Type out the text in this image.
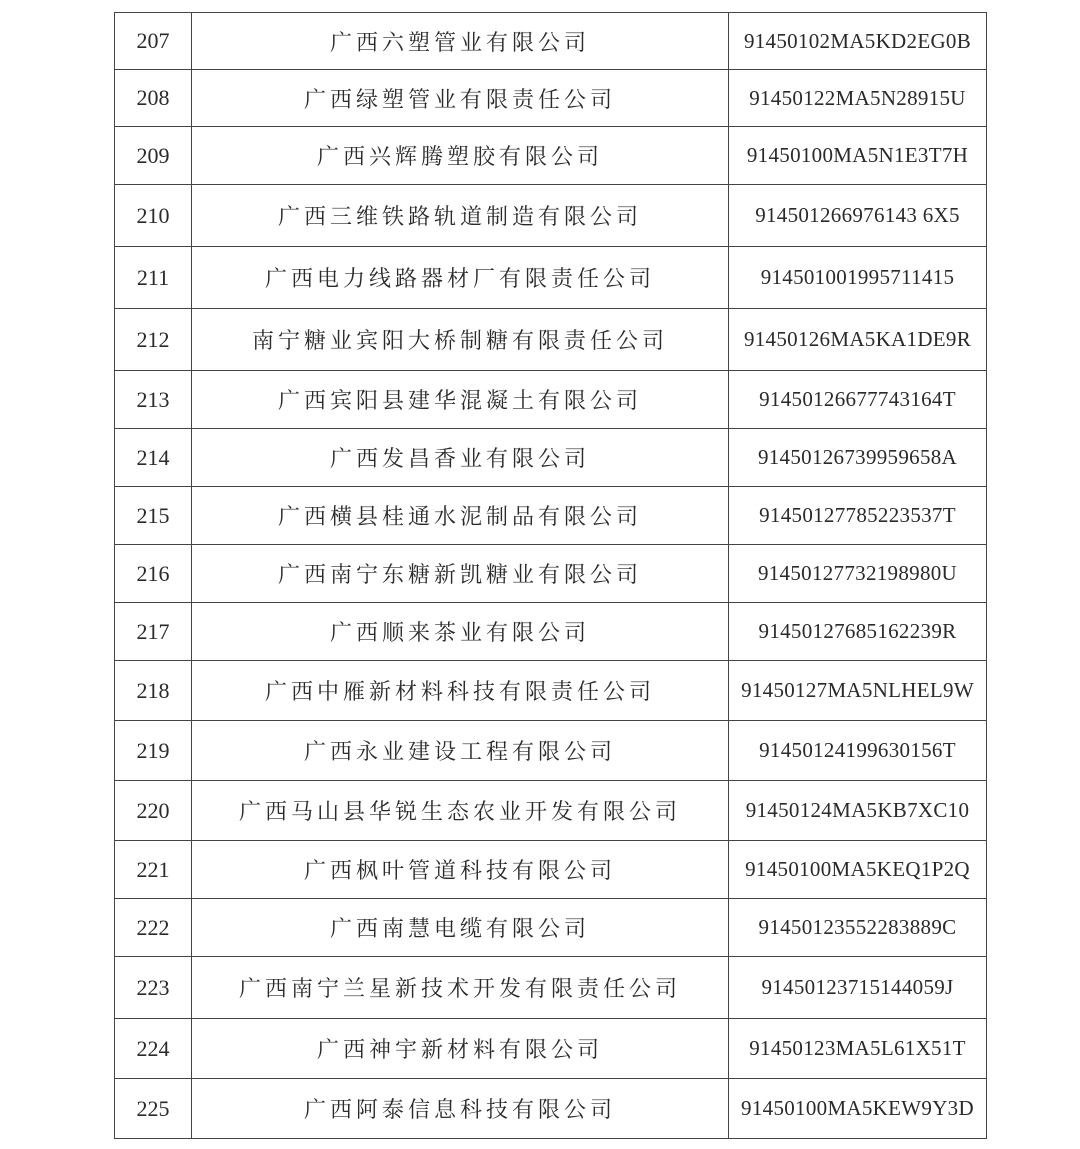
207	广西六塑管业有限公司	91450102MA5KD2EG0B
208	广西绿塑管业有限责任公司	91450122MA5N28915U
209	广西兴辉腾塑胶有限公司	91450100MA5N1E3T7H
210	广西三维铁路轨道制造有限公司	914501266976143 6X5
211	广西电力线路器材厂有限责任公司	914501001995711415
212	南宁糖业宾阳大桥制糖有限责任公司	91450126MA5KA1DE9R
213	广西宾阳县建华混凝土有限公司	91450126677743164T
214	广西发昌香业有限公司	91450126739959658A
215	广西横县桂通水泥制品有限公司	91450127785223537T
216	广西南宁东糖新凯糖业有限公司	91450127732198980U
217	广西顺来茶业有限公司	91450127685162239R
218	广西中雁新材料科技有限责任公司	91450127MA5NLHEL9W
219	广西永业建设工程有限公司	91450124199630156T
220	广西马山县华锐生态农业开发有限公司	91450124MA5KB7XC10
221	广西枫叶管道科技有限公司	91450100MA5KEQ1P2Q
222	广西南慧电缆有限公司	91450123552283889C
223	广西南宁兰星新技术开发有限责任公司	91450123715144059J
224	广西神宇新材料有限公司	91450123MA5L61X51T
225	广西阿泰信息科技有限公司	91450100MA5KEW9Y3D
